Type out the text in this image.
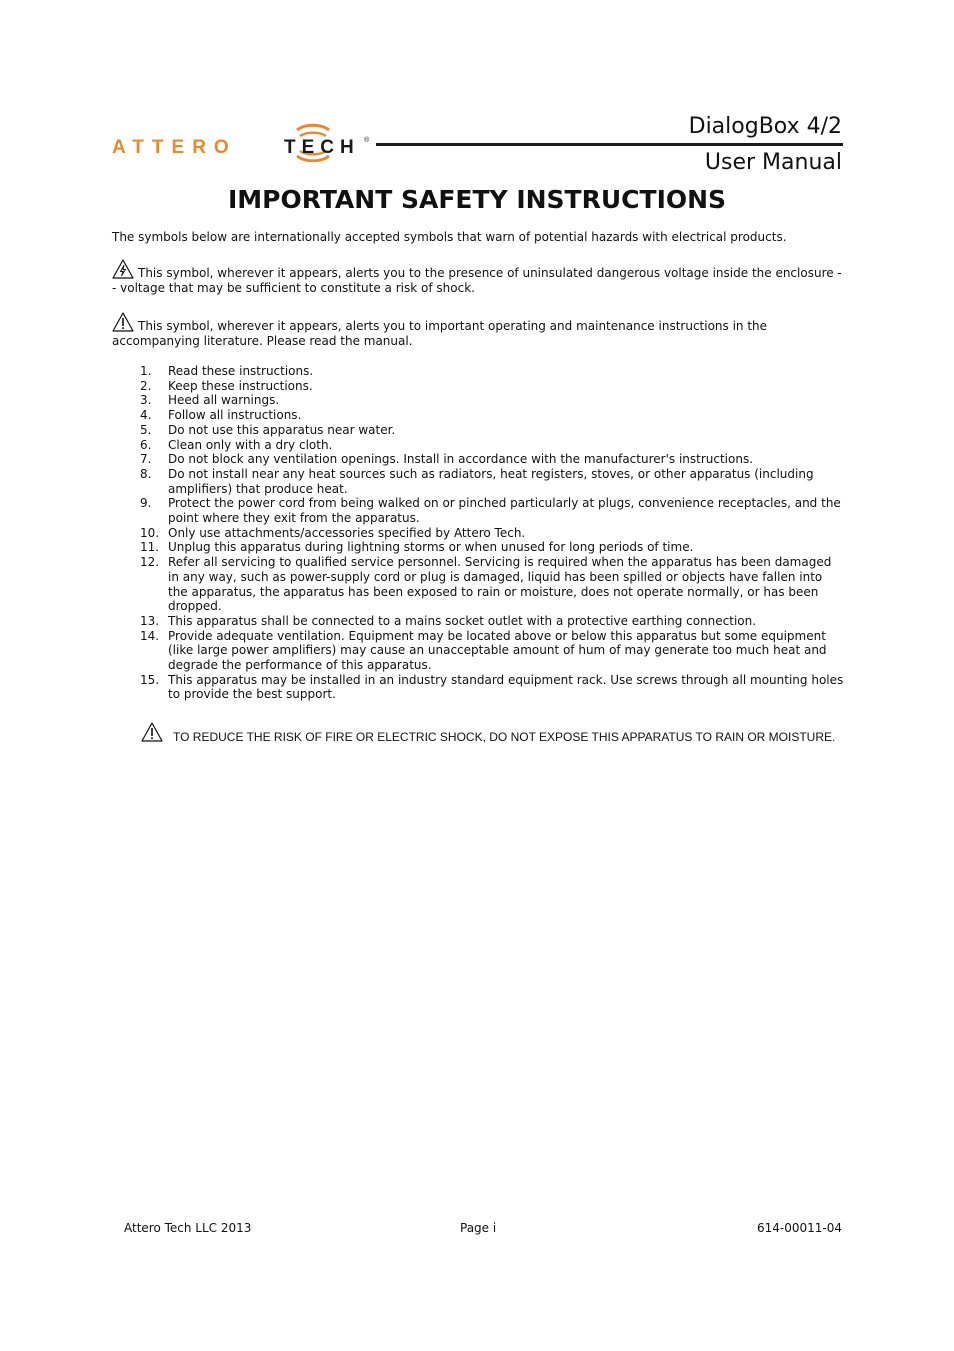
ATTERO TECH ®
DialogBox 4/2
User Manual
IMPORTANT SAFETY INSTRUCTIONS
The symbols below are internationally accepted symbols that warn of potential hazards with electrical products.
This symbol, wherever it appears, alerts you to the presence of uninsulated dangerous voltage inside the enclosure -- voltage that may be sufficient to constitute a risk of shock.
This symbol, wherever it appears, alerts you to important operating and maintenance instructions in the accompanying literature. Please read the manual.
1. Read these instructions.
2. Keep these instructions.
3. Heed all warnings.
4. Follow all instructions.
5. Do not use this apparatus near water.
6. Clean only with a dry cloth.
7. Do not block any ventilation openings. Install in accordance with the manufacturer's instructions.
8. Do not install near any heat sources such as radiators, heat registers, stoves, or other apparatus (including amplifiers) that produce heat.
9. Protect the power cord from being walked on or pinched particularly at plugs, convenience receptacles, and the point where they exit from the apparatus.
10. Only use attachments/accessories specified by Attero Tech.
11. Unplug this apparatus during lightning storms or when unused for long periods of time.
12. Refer all servicing to qualified service personnel. Servicing is required when the apparatus has been damaged in any way, such as power-supply cord or plug is damaged, liquid has been spilled or objects have fallen into the apparatus, the apparatus has been exposed to rain or moisture, does not operate normally, or has been dropped.
13. This apparatus shall be connected to a mains socket outlet with a protective earthing connection.
14. Provide adequate ventilation. Equipment may be located above or below this apparatus but some equipment (like large power amplifiers) may cause an unacceptable amount of hum of may generate too much heat and degrade the performance of this apparatus.
15. This apparatus may be installed in an industry standard equipment rack. Use screws through all mounting holes to provide the best support.
TO REDUCE THE RISK OF FIRE OR ELECTRIC SHOCK, DO NOT EXPOSE THIS APPARATUS TO RAIN OR MOISTURE.
Attero Tech LLC 2013	Page i	614-00011-04
